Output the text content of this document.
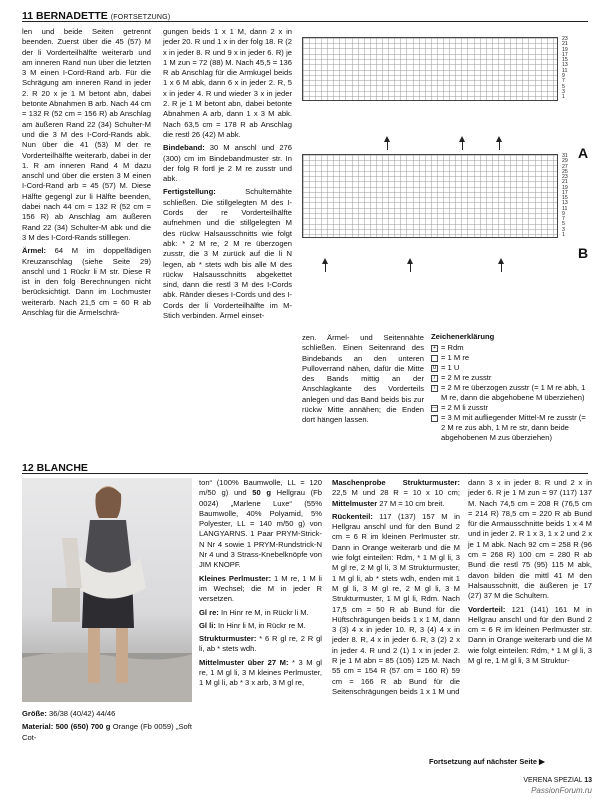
11 BERNADETTE (FORTSETZUNG)

len und beide Seiten getrennt beenden. Zuerst über die 45 (57) M der li Vorderteilhälfte weiterarb und am inneren Rand nun über die letzten 3 M einen I-Cord-Rand arb. Für die Schrägung am inneren Rand in jeder 2. R 20 x je 1 M betont abn, dabei betonte Abnahmen B arb. Nach 44 cm = 132 R (52 cm = 156 R) ab Anschlag am äußeren Rand 22 (34) Schulter-M und die 3 M des I-Cord-Rands abk. Nun über die 41 (53) M der re Vorderteilhälfte weiterarb, dabei in der 1. R am inneren Rand 4 M dazu anschl und über die ersten 3 M einen I-Cord-Rand arb = 45 (57) M. Diese Hälfte gegengl zur li Hälfte beenden, dabei nach 44 cm = 132 R (52 cm = 156 R) ab Anschlag am äußeren Rand 22 (34) Schulter-M abk und die 3 M des I-Cord-Rands stilllegen.

Ärmel: 64 M im doppelfädigen Kreuzanschlag (siehe Seite 29) anschl und 1 Rückr li M str. Diese R ist in den folg Berechnungen nicht berücksichtigt. Dann im Lochmuster weiterarb. Nach 21,5 cm = 60 R ab Anschlag für die Ärmelschrä-

gungen beids 1 x 1 M, dann 2 x in jeder 20. R und 1 x in der folg 18. R (2 x in jeder 8. R und 9 x in jeder 6. R) je 1 M zun = 72 (88) M. Nach 45,5 = 136 R ab Anschlag für die Armkugel beids 1 x 6 M abk, dann 6 x in jeder 2. R, 5 x in jeder 4. R und wieder 3 x in jeder 2. R je 1 M betont abn, dabei betonte Abnahmen A arb, dann 1 x 3 M abk. Nach 63,5 cm = 178 R ab Anschlag die restl 26 (42) M abk.

Bindeband: 30 M anschl und 276 (300) cm im Bindebandmuster str. In der folg R fortl je 2 M re zusstr und abk.

Fertigstellung: Schulternähte schließen. Die stillgelegten M des I-Cords der re Vorderteilhälfte aufnehmen und die stillgelegten M des rückw Halsausschnitts wie folgt abk: * 2 M re, 2 M re überzogen zusstr, die 3 M zurück auf die li N legen, ab * stets wdh bis alle M des rückw Halsausschnitts abgekettet sind, dann die restl 3 M des I-Cords abk. Ränder dieses I-Cords und des I-Cords der li Vorderteilhälfte im M-Stich verbinden. Ärmel einset-

23
21
19
17
15
13
11
9
7
5
3
1
A
31
29
27
25
23
21
19
17
15
13
11
9
7
5
3
1
B

zen. Ärmel- und Seitennähte schließen. Einen Seitenrand des Bindebands an den unteren Pulloverrand nähen, dafür die Mitte des Bands mittig an der Anschlagkante des Vorderteils anlegen und das Band beids bis zur rückw Mitte annähen; die Enden dort hängen lassen.

Zeichenerklärung
+ = Rdm
= 1 M re
U = 1 U
/ = 2 M re zusstr
\ = 2 M re überzogen zusstr (= 1 M re abh, 1 M re, dann die abgehobene M überziehen)
— = 2 M li zusstr
^ = 3 M mit aufliegender Mittel-M re zusstr (= 2 M re zus abh, 1 M re str, dann beide abgehobenen M zus überziehen)
12 BLANCHE

Größe: 36/38 (40/42) 44/46

Material: 500 (650) 700 g Orange (Fb 0059) „Soft Cot-

ton“ (100% Baumwolle, LL = 120 m/50 g) und 50 g Hellgrau (Fb 0024) „Marlene Luxe“ (55% Baumwolle, 40% Polyamid, 5% Polyester, LL = 140 m/50 g) von LANGYARNS. 1 Paar PRYM-Strick-N Nr 4 sowie 1 PRYM-Rundstrick-N Nr 4 und 3 Strass-Knebelknöpfe von JIM KNOPF.

Kleines Perlmuster: 1 M re, 1 M li im Wechsel; die M in jeder R versetzen.

Gl re: In Hinr re M, in Rückr li M.

Gl li: In Hinr li M, in Rückr re M.

Strukturmuster: * 6 R gl re, 2 R gl li, ab * stets wdh.

Mittelmuster über 27 M: * 3 M gl re, 1 M gl li, 3 M kleines Perlmuster, 1 M gl li, ab * 3 x arb, 3 M gl re,

Maschenprobe Strukturmuster: 22,5 M und 28 R = 10 x 10 cm; Mittelmuster 27 M = 10 cm breit.

Rückenteil: 117 (137) 157 M in Hellgrau anschl und für den Bund 2 cm = 6 R im kleinen Perlmuster str. Dann in Orange weiterarb und die M wie folgt einteilen: Rdm, * 1 M gl li, 3 M gl re, 2 M gl li, 3 M Strukturmuster, 1 M gl li, ab * stets wdh, enden mit 1 M gl li, 3 M gl re, 2 M gl li, 3 M Strukturmuster, 1 M gl li, Rdm. Nach 17,5 cm = 50 R ab Bund für die Hüftschrägungen beids 1 x 1 M, dann 3 (3) 4 x in jeder 10. R, 3 (4) 4 x in jeder 8. R, 4 x in jeder 6. R, 3 (2) 2 x in jeder 4. R und 2 (1) 1 x in jeder 2. R je 1 M abn = 85 (105) 125 M. Nach 55 cm = 154 R (57 cm = 160 R) 59 cm = 166 R ab Bund für die Seitenschrägungen beids 1 x 1 M und

dann 3 x in jeder 8. R und 2 x in jeder 6. R je 1 M zun = 97 (117) 137 M. Nach 74,5 cm = 208 R (76,5 cm = 214 R) 78,5 cm = 220 R ab Bund für die Armausschnitte beids 1 x 4 M und in jeder 2. R 1 x 3, 1 x 2 und 2 x je 1 M abk. Nach 92 cm = 258 R (96 cm = 268 R) 100 cm = 280 R ab Bund die restl 75 (95) 115 M abk, davon bilden die mittl 41 M den Halsausschnitt, die äußeren je 17 (27) 37 M die Schultern.

Vorderteil: 121 (141) 161 M in Hellgrau anschl und für den Bund 2 cm = 6 R im kleinen Perlmuster str. Dann in Orange weiterarb und die M wie folgt einteilen: Rdm, * 1 M gl li, 3 M gl re, 1 M gl li, 3 M Struktur-

Fortsetzung auf nächster Seite ▶
VERENA SPEZIAL 13
PassionForum.ru
